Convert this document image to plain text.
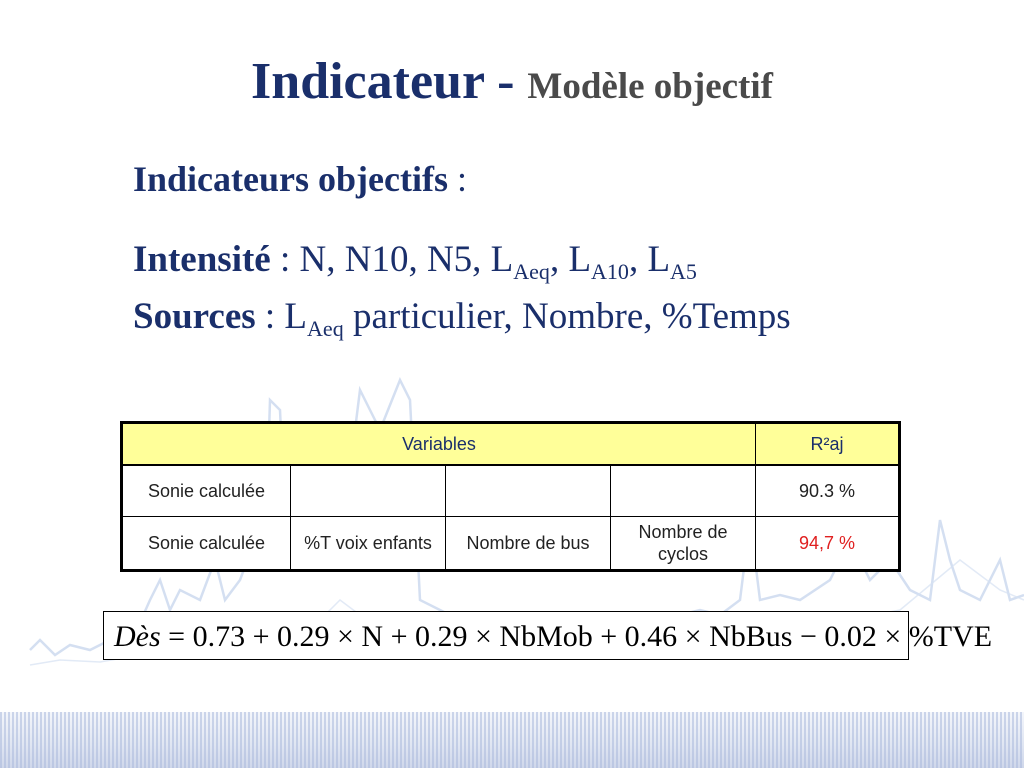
Indicateur - Modèle objectif
Indicateurs objectifs :
Intensité : N, N10, N5, $L_{Aeq}$, $L_{A10}$, $L_{A5}$
Sources : $L_{Aeq}$ particulier, Nombre, %Temps
Variables				R²aj
Sonie calculée				90.3 %
Sonie calculée	%T voix enfants	Nombre de bus	Nombre de cyclos	94,7 %
Dès = 0.73 + 0.29 × N + 0.29 × NbMob + 0.46 × NbBus − 0.02 × %TVE
